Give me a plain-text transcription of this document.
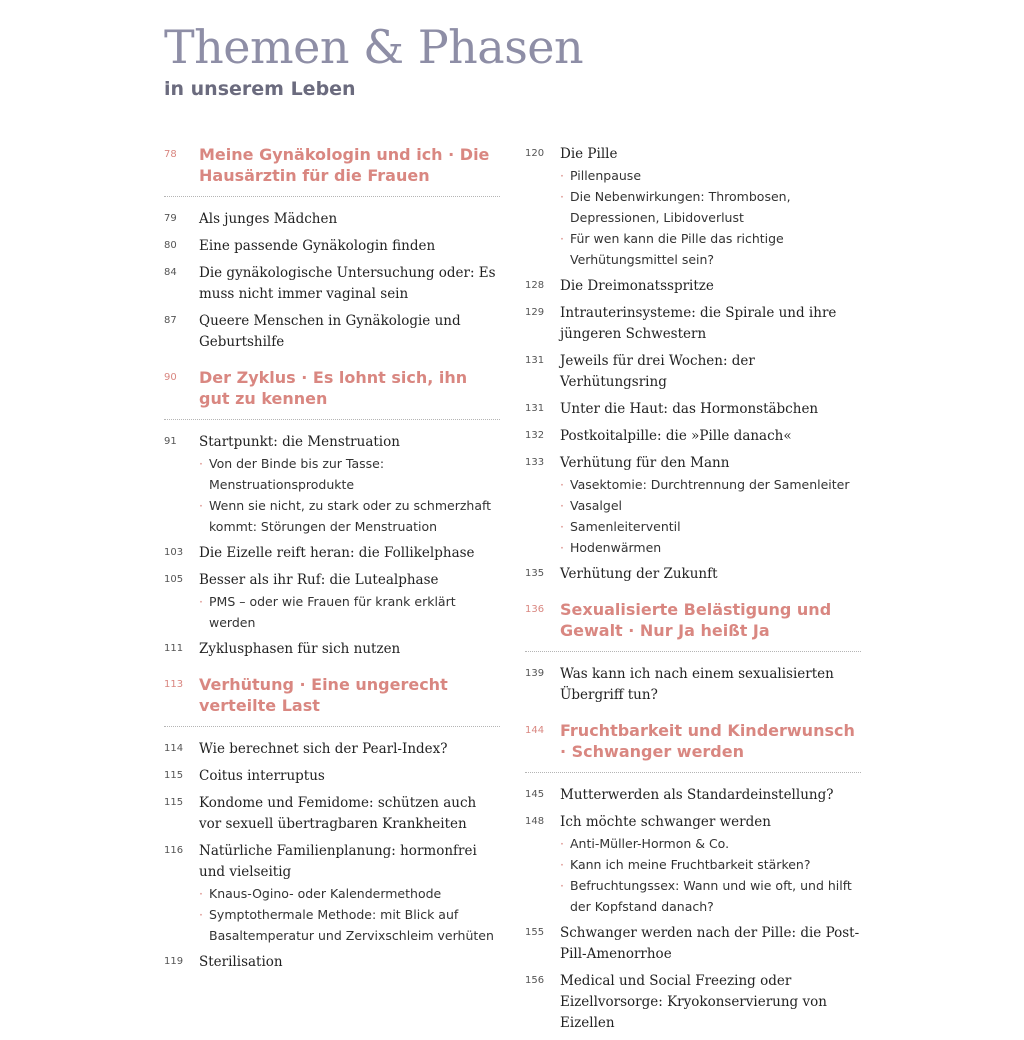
Themen & Phasen
in unserem Leben
78	Meine Gynäkologin und ich · Die Hausärztin für die Frauen
79	Als junges Mädchen
80	Eine passende Gynäkologin finden
84	Die gynäkologische Untersuchung oder: Es muss nicht immer vaginal sein
87	Queere Menschen in Gynäkologie und Geburtshilfe
90	Der Zyklus · Es lohnt sich, ihn gut zu kennen
91	Startpunkt: die Menstruation
· Von der Binde bis zur Tasse: Menstruationsprodukte
· Wenn sie nicht, zu stark oder zu schmerzhaft kommt: Störungen der Menstruation
103	Die Eizelle reift heran: die Follikelphase
105	Besser als ihr Ruf: die Lutealphase
· PMS – oder wie Frauen für krank erklärt werden
111	Zyklusphasen für sich nutzen
113 Verhütung · Eine ungerecht verteilte Last
114	Wie berechnet sich der Pearl-Index?
115	Coitus interruptus
115	Kondome und Femidome: schützen auch vor sexuell übertragbaren Krankheiten
116	Natürliche Familienplanung: hormonfrei und vielseitig
· Knaus-Ogino- oder Kalendermethode
· Symptothermale Methode: mit Blick auf Basaltemperatur und Zervixschleim verhüten
119	Sterilisation
120	Die Pille
· Pillenpause
· Die Nebenwirkungen: Thrombosen, Depressionen, Libidoverlust
· Für wen kann die Pille das richtige Verhütungsmittel sein?
128	Die Dreimonatsspritze
129	Intrauterinsysteme: die Spirale und ihre jüngeren Schwestern
131	Jeweils für drei Wochen: der Verhütungsring
131	Unter die Haut: das Hormonstäbchen
132	Postkoitalpille: die »Pille danach«
133	Verhütung für den Mann
· Vasektomie: Durchtrennung der Samenleiter
· Vasalgel
· Samenleiterventil
· Hodenwärmen
135	Verhütung der Zukunft
136 Sexualisierte Belästigung und Gewalt · Nur Ja heißt Ja
139	Was kann ich nach einem sexualisierten Übergriff tun?
144 Fruchtbarkeit und Kinderwunsch · Schwanger werden
145	Mutterwerden als Standardeinstellung?
148	Ich möchte schwanger werden
· Anti-Müller-Hormon & Co.
· Kann ich meine Fruchtbarkeit stärken?
· Befruchtungssex: Wann und wie oft, und hilft der Kopfstand danach?
155	Schwanger werden nach der Pille: die Post-Pill-Amenorrhoe
156	Medical und Social Freezing oder Eizellvorsorge: Kryokonservierung von Eizellen
